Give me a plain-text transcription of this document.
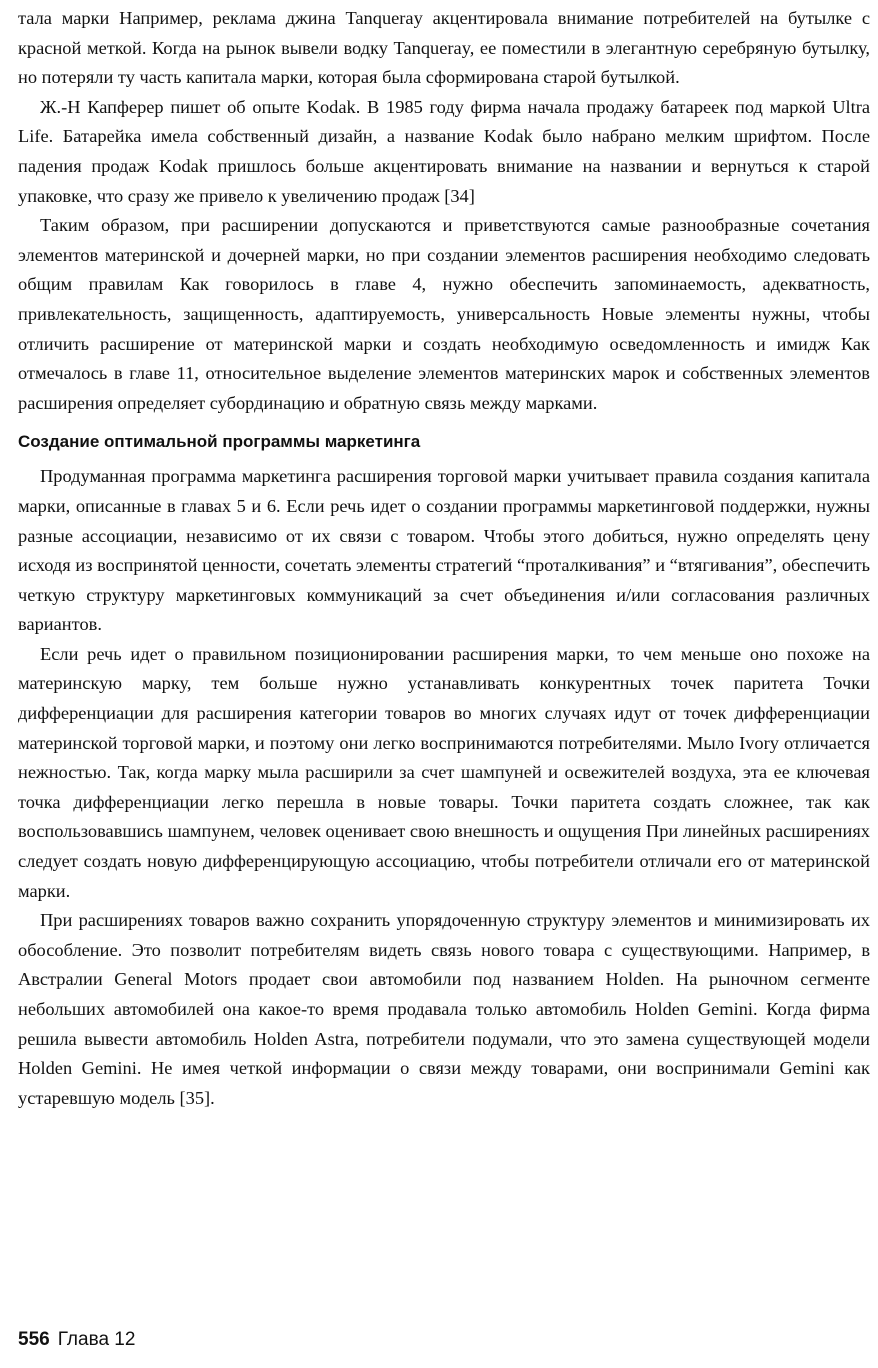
тала марки Например, реклама джина Tanqueray акцентировала внимание потребителей на бутылке с красной меткой. Когда на рынок вывели водку Tanqueray, ее поместили в элегантную серебряную бутылку, но потеряли ту часть капитала марки, которая была сформирована старой бутылкой.

Ж.-Н Капферер пишет об опыте Kodak. В 1985 году фирма начала продажу батареек под маркой Ultra Life. Батарейка имела собственный дизайн, а название Kodak было набрано мелким шрифтом. После падения продаж Kodak пришлось больше акцентировать внимание на названии и вернуться к старой упаковке, что сразу же привело к увеличению продаж [34]

Таким образом, при расширении допускаются и приветствуются самые разнообразные сочетания элементов материнской и дочерней марки, но при создании элементов расширения необходимо следовать общим правилам Как говорилось в главе 4, нужно обеспечить запоминаемость, адекватность, привлекательность, защищенность, адаптируемость, универсальность Новые элементы нужны, чтобы отличить расширение от материнской марки и создать необходимую осведомленность и имидж Как отмечалось в главе 11, относительное выделение элементов материнских марок и собственных элементов расширения определяет субординацию и обратную связь между марками.

Создание оптимальной программы маркетинга

Продуманная программа маркетинга расширения торговой марки учитывает правила создания капитала марки, описанные в главах 5 и 6. Если речь идет о создании программы маркетинговой поддержки, нужны разные ассоциации, независимо от их связи с товаром. Чтобы этого добиться, нужно определять цену исходя из воспринятой ценности, сочетать элементы стратегий “проталкивания” и “втягивания”, обеспечить четкую структуру маркетинговых коммуникаций за счет объединения и/или согласования различных вариантов.

Если речь идет о правильном позиционировании расширения марки, то чем меньше оно похоже на материнскую марку, тем больше нужно устанавливать конкурентных точек паритета Точки дифференциации для расширения категории товаров во многих случаях идут от точек дифференциации материнской торговой марки, и поэтому они легко воспринимаются потребителями. Мыло Ivory отличается нежностью. Так, когда марку мыла расширили за счет шампуней и освежителей воздуха, эта ее ключевая точка дифференциации легко перешла в новые товары. Точки паритета создать сложнее, так как воспользовавшись шампунем, человек оценивает свою внешность и ощущения При линейных расширениях следует создать новую дифференцирующую ассоциацию, чтобы потребители отличали его от материнской марки.

При расширениях товаров важно сохранить упорядоченную структуру элементов и минимизировать их обособление. Это позволит потребителям видеть связь нового товара с существующими. Например, в Австралии General Motors продает свои автомобили под названием Holden. На рыночном сегменте небольших автомобилей она какое-то время продавала только автомобиль Holden Gemini. Когда фирма решила вывести автомобиль Holden Astra, потребители подумали, что это замена существующей модели Holden Gemini. Не имея четкой информации о связи между товарами, они воспринимали Gemini как устаревшую модель [35].

556 Глава 12
